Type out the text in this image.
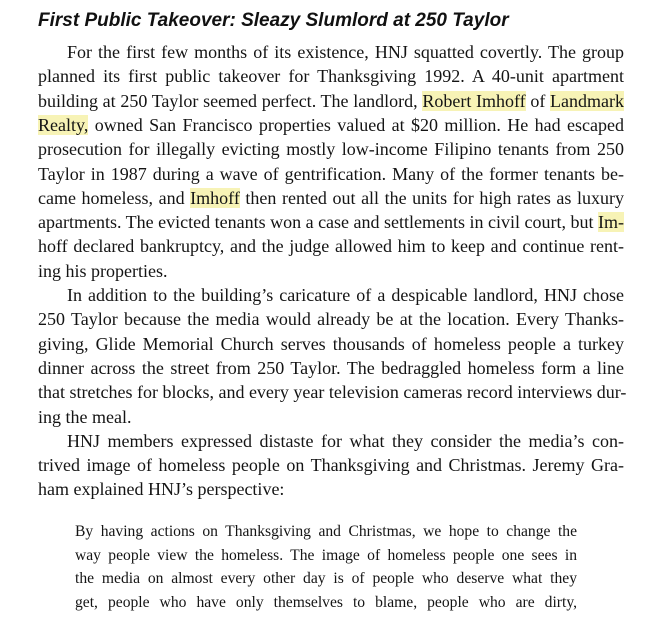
First Public Takeover: Sleazy Slumlord at 250 Taylor
For the first few months of its existence, HNJ squatted covertly. The group
planned its first public takeover for Thanksgiving 1992. A 40-unit apartment
building at 250 Taylor seemed perfect. The landlord, Robert Imhoff of Landmark
Realty, owned San Francisco properties valued at $20 million. He had escaped
prosecution for illegally evicting mostly low-income Filipino tenants from 250
Taylor in 1987 during a wave of gentrification. Many of the former tenants be-
came homeless, and Imhoff then rented out all the units for high rates as luxury
apartments. The evicted tenants won a case and settlements in civil court, but Im-
hoff declared bankruptcy, and the judge allowed him to keep and continue rent-
ing his properties.
In addition to the building’s caricature of a despicable landlord, HNJ chose
250 Taylor because the media would already be at the location. Every Thanks-
giving, Glide Memorial Church serves thousands of homeless people a turkey
dinner across the street from 250 Taylor. The bedraggled homeless form a line
that stretches for blocks, and every year television cameras record interviews dur-
ing the meal.
HNJ members expressed distaste for what they consider the media’s con-
trived image of homeless people on Thanksgiving and Christmas. Jeremy Gra-
ham explained HNJ’s perspective:
By having actions on Thanksgiving and Christmas, we hope to change the
way people view the homeless. The image of homeless people one sees in
the media on almost every other day is of people who deserve what they
get, people who have only themselves to blame, people who are dirty,
